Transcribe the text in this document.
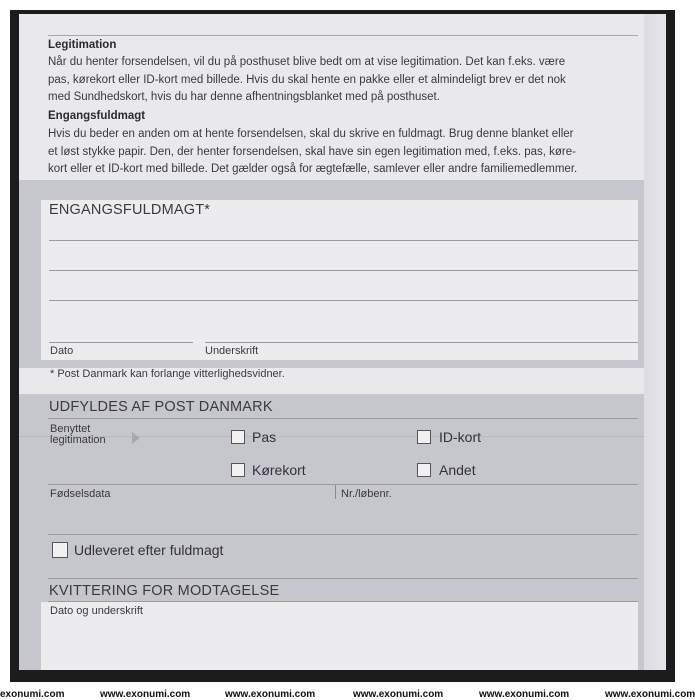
Legitimation
Når du henter forsendelsen, vil du på posthuset blive bedt om at vise legitimation. Det kan f.eks. være
pas, kørekort eller ID-kort med billede. Hvis du skal hente en pakke eller et almindeligt brev er det nok
med Sundhedskort, hvis du har denne afhentningsblanket med på posthuset.
Engangsfuldmagt
Hvis du beder en anden om at hente forsendelsen, skal du skrive en fuldmagt. Brug denne blanket eller
et løst stykke papir. Den, der henter forsendelsen, skal have sin egen legitimation med, f.eks. pas, køre-
kort eller et ID-kort med billede. Det gælder også for ægtefælle, samlever eller andre familiemedlemmer.
ENGANGSFULDMAGT*
Dato	Underskrift
* Post Danmark kan forlange vitterlighedsvidner.
UDFYLDES AF POST DANMARK
Benyttet
legitimation	Pas	ID-kort
Kørekort	Andet
Fødselsdata	Nr./løbenr.
Udleveret efter fuldmagt
KVITTERING FOR MODTAGELSE
Dato og underskrift
exonumi.com	www.exonumi.com	www.exonumi.com	www.exonumi.com	www.exonumi.com	www.exonumi.com
